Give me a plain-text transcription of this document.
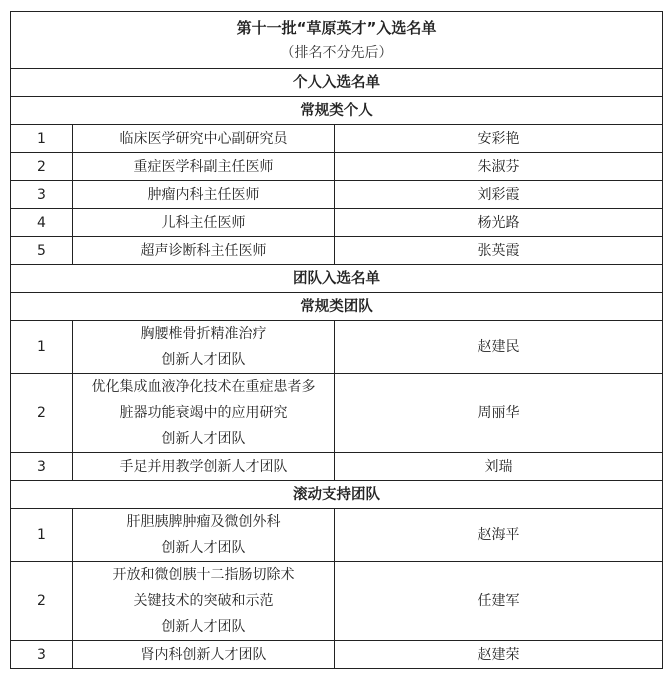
第十一批“草原英才”入选名单
（排名不分先后）		

个人入选名单		
常规类个人		
1	临床医学研究中心副研究员	安彩艳
2	重症医学科副主任医师	朱淑芬
3	肿瘤内科主任医师	刘彩霞
4	儿科主任医师	杨光路
5	超声诊断科主任医师	张英霞
团队入选名单		
常规类团队		
1	胸腰椎骨折精准治疗
创新人才团队	赵建民
2	优化集成血液净化技术在重症患者多
脏器功能衰竭中的应用研究
创新人才团队	周丽华
3	手足并用教学创新人才团队	刘瑞
滚动支持团队		
1	肝胆胰脾肿瘤及微创外科
创新人才团队	赵海平
2	开放和微创胰十二指肠切除术
关键技术的突破和示范
创新人才团队	任建军
3	肾内科创新人才团队	赵建荣
